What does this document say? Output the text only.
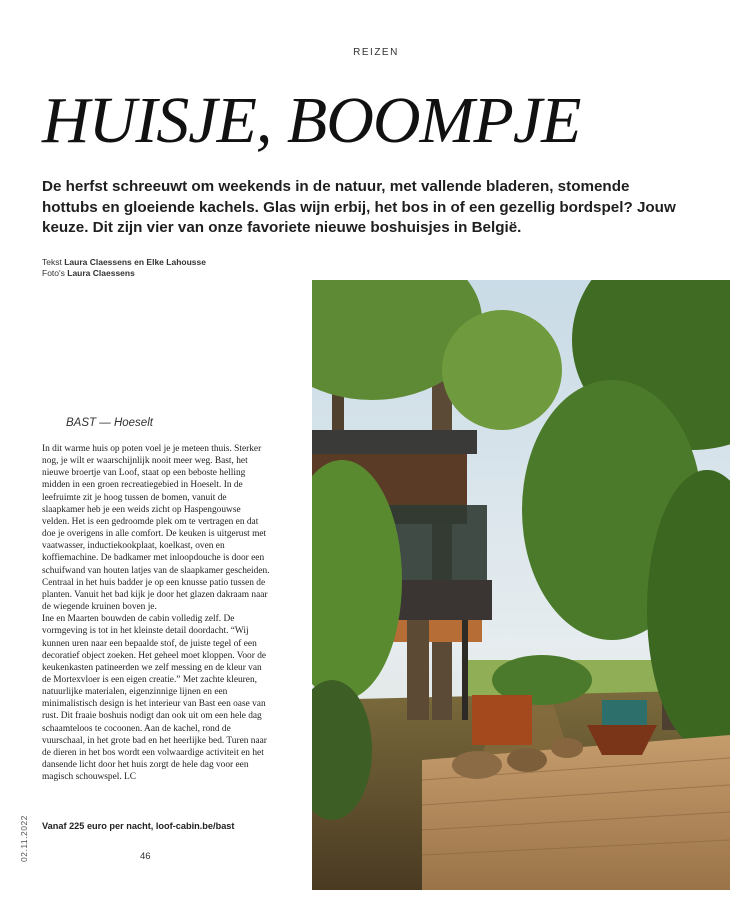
REIZEN
HUISJE, BOOMPJE
De herfst schreeuwt om weekends in de natuur, met vallende bladeren, stomende hottubs en gloeiende kachels. Glas wijn erbij, het bos in of een gezellig bordspel? Jouw keuze. Dit zijn vier van onze favoriete nieuwe boshuisjes in België.
Tekst Laura Claessens en Elke Lahousse
Foto's Laura Claessens
BAST — Hoeselt

In dit warme huis op poten voel je je meteen thuis. Sterker nog, je wilt er waarschijnlijk nooit meer weg. Bast, het nieuwe broertje van Loof, staat op een beboste helling midden in een groen recreatiegebied in Hoeselt. In de leefruimte zit je hoog tussen de bomen, vanuit de slaapkamer heb je een weids zicht op Haspengouwse velden. Het is een gedroomde plek om te vertragen en dat doe je overigens in alle comfort. De keuken is uitgerust met vaatwasser, inductiekookplaat, koelkast, oven en koffiemachine. De badkamer met inloopdouche is door een schuifwand van houten latjes van de slaapkamer gescheiden. Centraal in het huis badder je op een knusse patio tussen de planten. Vanuit het bad kijk je door het glazen dakraam naar de wiegende kruinen boven je.

Ine en Maarten bouwden de cabin volledig zelf. De vormgeving is tot in het kleinste detail doordacht. “Wij kunnen uren naar een bepaalde stof, de juiste tegel of een decoratief object zoeken. Het geheel moet kloppen. Voor de keukenkasten patineerden we zelf messing en de kleur van de Mortexvloer is een eigen creatie.” Met zachte kleuren, natuurlijke materialen, eigenzinnige lijnen en een minimalistisch design is het interieur van Bast een oase van rust. Dit fraaie boshuis nodigt dan ook uit om een hele dag schaamteloos te cocoonen. Aan de kachel, rond de vuurschaal, in het grote bad en het heerlijke bed. Turen naar de dieren in het bos wordt een volwaardige activiteit en het dansende licht door het huis zorgt de hele dag voor een magisch schouwspel. LC

Vanaf 225 euro per nacht, loof-cabin.be/bast
02.11.2022	46
